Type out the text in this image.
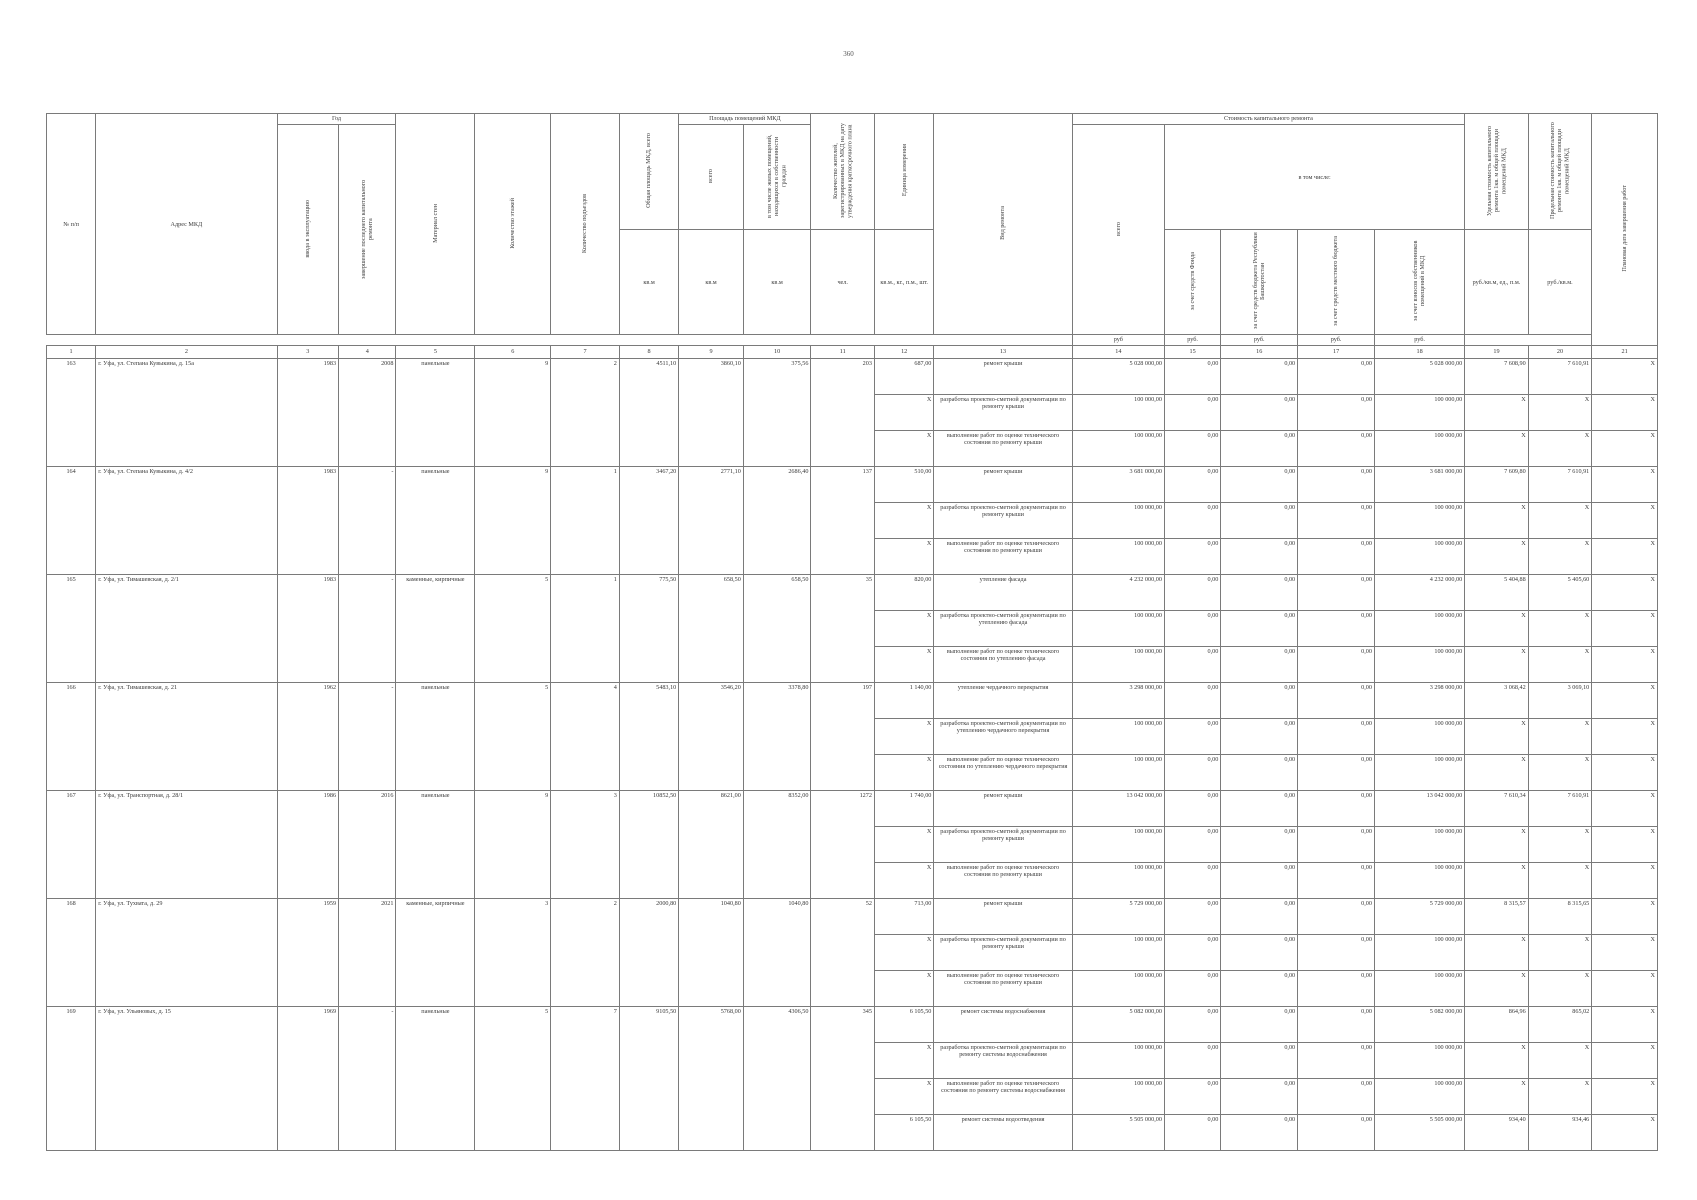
360
№ п/п	Адрес МКД	Год		Материал стен	Количество этажей	Количество подъездов	Общая площадь МКД, всего	Площадь помещений МКД		Количество жителей, зарегистрированных в МКД на дату утверждения краткосрочного плана	Единица измерения	Вид ремонта	Стоимость капитального ремонта					Удельная стоимость капитального ремонта 1кв. м общей площади помещений МКД	Предельная стоимость капитального ремонта 1кв. м общей площади помещений МКД	Плановая дата завершения работ
		ввода в эксплуатацию	завершение последнего капитального ремонта					всего	в том числе жилых помещений, находящихся в собственности граждан				всего	в том числе:						
							кв.м	кв.м	кв.м	чел.	кв.м., кг., п.м., шт.			за счет средств Фонда	за счет средств бюджета Республики Башкортостан	за счет средств местного бюджета	за счет взносов собственников помещений в МКД	руб./кв.м, ед., п.м.	руб./кв.м.	
													руб	руб.	руб.	руб.	руб.			
1	2	3	4	5	6	7	8	9	10	11	12	13	14	15	16	17	18	19	20	21
163	г. Уфа, ул. Степана Кувыкина, д. 15а	1983	2008	панельные	9	2	4511,10	3860,10	375,56	203	687,00	ремонт крыши	5 028 000,00	0,00	0,00	0,00	5 028 000,00	7 608,90	7 610,91	X
											X	разработка проектно-сметной документации по ремонту крыши	100 000,00	0,00	0,00	0,00	100 000,00	X	X	X
											X	выполнение работ по оценке технического состояния по ремонту крыши	100 000,00	0,00	0,00	0,00	100 000,00	X	X	X
164	г. Уфа, ул. Степана Кувыкина, д. 4/2	1983	-	панельные	9	1	3467,20	2771,10	2686,40	137	510,00	ремонт крыши	3 681 000,00	0,00	0,00	0,00	3 681 000,00	7 609,80	7 610,91	X
											X	разработка проектно-сметной документации по ремонту крыши	100 000,00	0,00	0,00	0,00	100 000,00	X	X	X
											X	выполнение работ по оценке технического состояния по ремонту крыши	100 000,00	0,00	0,00	0,00	100 000,00	X	X	X
165	г. Уфа, ул. Тимашевская, д. 2/1	1983	-	каменные, кирпичные	5	1	775,50	658,50	658,50	35	820,00	утепление фасада	4 232 000,00	0,00	0,00	0,00	4 232 000,00	5 404,88	5 405,60	X
											X	разработка проектно-сметной документации по утеплению фасада	100 000,00	0,00	0,00	0,00	100 000,00	X	X	X
											X	выполнение работ по оценке технического состояния по утеплению фасада	100 000,00	0,00	0,00	0,00	100 000,00	X	X	X
166	г. Уфа, ул. Тимашевская, д. 21	1962	-	панельные	5	4	5483,10	3546,20	3378,80	197	1 140,00	утепление чердачного перекрытия	3 298 000,00	0,00	0,00	0,00	3 298 000,00	3 068,42	3 069,10	X
											X	разработка проектно-сметной документации по утеплению чердачного перекрытия	100 000,00	0,00	0,00	0,00	100 000,00	X	X	X
											X	выполнение работ по оценке технического состояния по утеплению чердачного перекрытия	100 000,00	0,00	0,00	0,00	100 000,00	X	X	X
167	г. Уфа, ул. Транспортная, д. 28/1	1986	2016	панельные	9	3	10852,50	8621,00	8352,00	1272	1 740,00	ремонт крыши	13 042 000,00	0,00	0,00	0,00	13 042 000,00	7 610,34	7 610,91	X
											X	разработка проектно-сметной документации по ремонту крыши	100 000,00	0,00	0,00	0,00	100 000,00	X	X	X
											X	выполнение работ по оценке технического состояния по ремонту крыши	100 000,00	0,00	0,00	0,00	100 000,00	X	X	X
168	г. Уфа, ул. Тухвата, д. 29	1959	2021	каменные, кирпичные	3	2	2000,80	1040,80	1040,80	52	713,00	ремонт крыши	5 729 000,00	0,00	0,00	0,00	5 729 000,00	8 315,57	8 315,65	X
											X	разработка проектно-сметной документации по ремонту крыши	100 000,00	0,00	0,00	0,00	100 000,00	X	X	X
											X	выполнение работ по оценке технического состояния по ремонту крыши	100 000,00	0,00	0,00	0,00	100 000,00	X	X	X
169	г. Уфа, ул. Ульяновых, д. 15	1969	-	панельные	5	7	9105,50	5768,00	4306,50	345	6 105,50	ремонт системы водоснабжения	5 082 000,00	0,00	0,00	0,00	5 082 000,00	864,96	865,02	X
											X	разработка проектно-сметной документации по ремонту системы водоснабжения	100 000,00	0,00	0,00	0,00	100 000,00	X	X	X
											X	выполнение работ по оценке технического состояния по ремонту системы водоснабжения	100 000,00	0,00	0,00	0,00	100 000,00	X	X	X
											6 105,50	ремонт системы водоотведения	5 505 000,00	0,00	0,00	0,00	5 505 000,00	934,40	934,46	X
